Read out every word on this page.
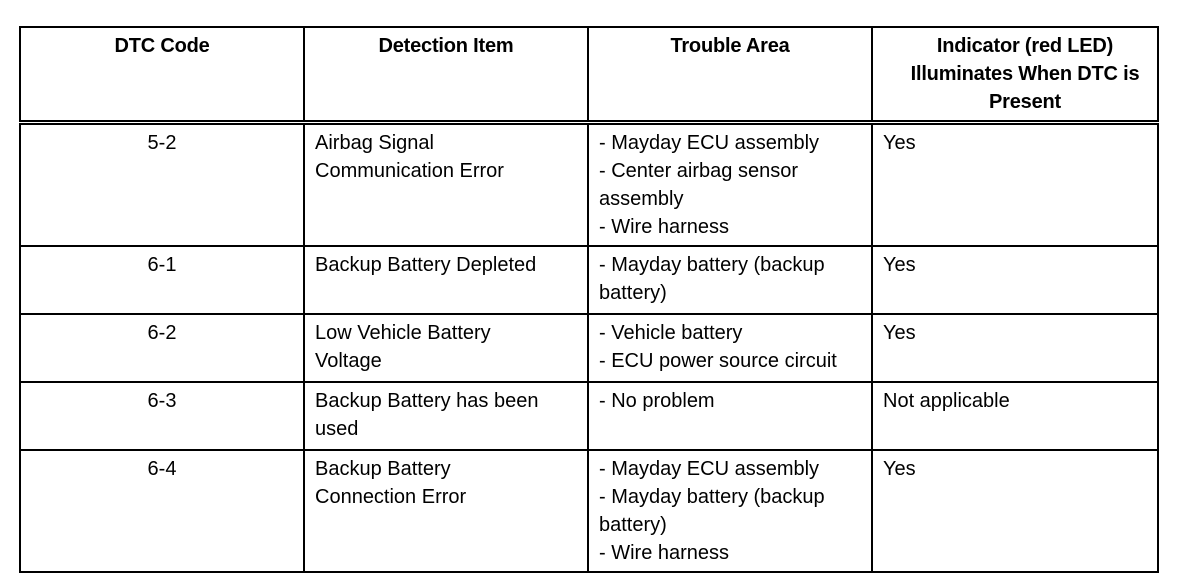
DTC Code	Detection Item	Trouble Area	Indicator (red LED) Illuminates When DTC is Present
5-2	Airbag Signal Communication Error	- Mayday ECU assembly
- Center airbag sensor assembly
- Wire harness	Yes
6-1	Backup Battery Depleted	- Mayday battery (backup battery)	Yes
6-2	Low Vehicle Battery Voltage	- Vehicle battery
- ECU power source circuit	Yes
6-3	Backup Battery has been used	- No problem	Not applicable
6-4	Backup Battery Connection Error	- Mayday ECU assembly
- Mayday battery (backup battery)
- Wire harness	Yes
